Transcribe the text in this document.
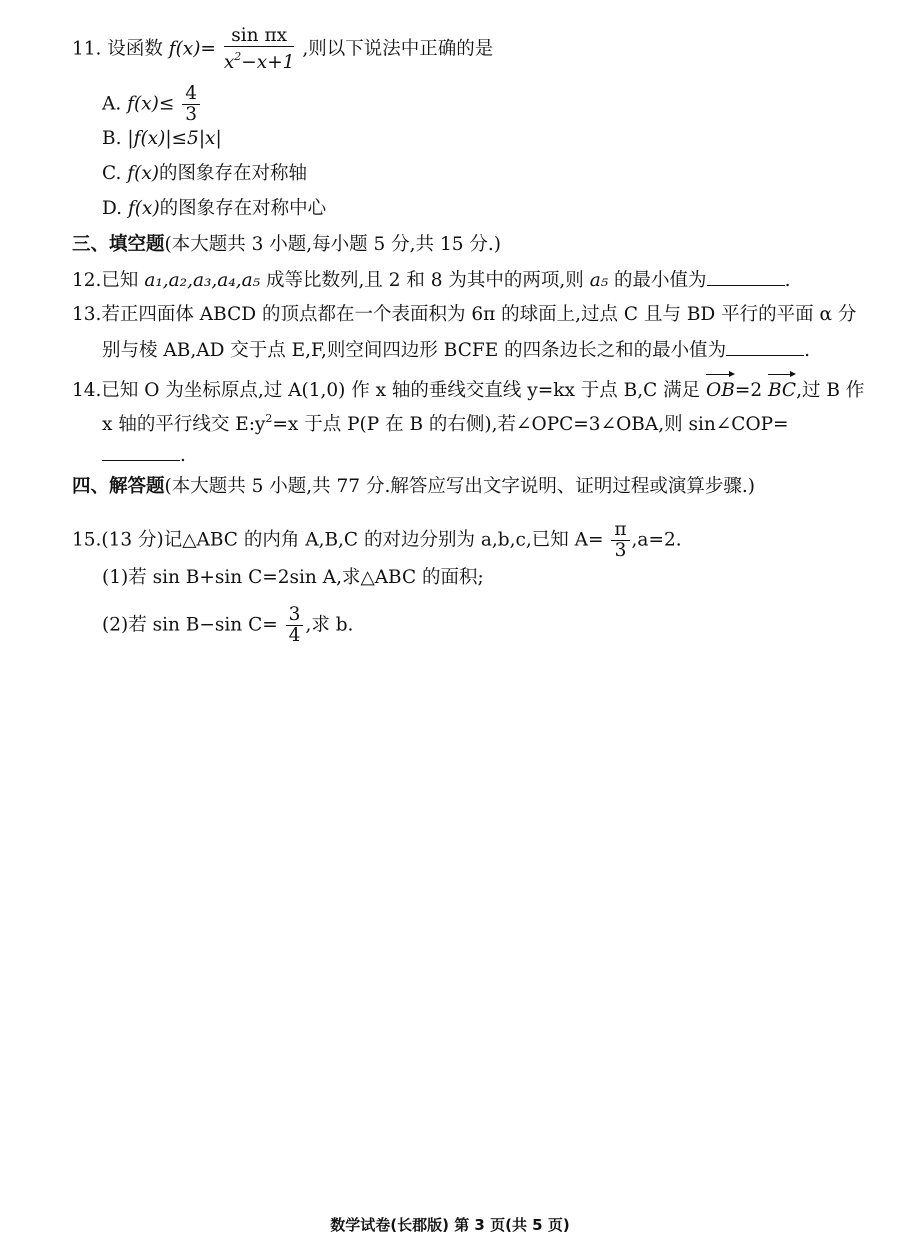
11. 设函数 $f(x)= \frac{\text{sin πx}}{x^2-x+1}$ ,则以下说法中正确的是
A. $f(x)\le \frac{4}{3}$
B. |f(x)|≤5|x|
C. f(x)的图象存在对称轴
D. f(x)的图象存在对称中心
三、填空题(本大题共 3 小题,每小题 5 分,共 15 分.)
12.已知 a₁,a₂,a₃,a₄,a₅ 成等比数列,且 2 和 8 为其中的两项,则 a₅ 的最小值为	.
13.若正四面体 ABCD 的顶点都在一个表面积为 6π 的球面上,过点 C 且与 BD 平行的平面 α 分
别与棱 AB,AD 交于点 E,F,则空间四边形 BCFE 的四条边长之和的最小值为	.
14.已知 O 为坐标原点,过 A(1,0) 作 x 轴的垂线交直线 y=kx 于点 B,C 满足 OB=2 BC,过 B 作
x 轴的平行线交 $E:y^2=x$ 于点 P(P 在 B 的右侧),若∠OPC=3∠OBA,则 sin∠COP=
.
四、解答题(本大题共 5 小题,共 77 分.解答应写出文字说明、证明过程或演算步骤.)
15.(13 分)记△ABC 的内角 A,B,C 的对边分别为 a,b,c,已知 $A= \frac{\pi}{3} ,a=2$.
(1)若 sin B+sin C=2sin A,求△ABC 的面积;
(2)若 sin B−sin $C= \frac{3}{4}$ ,求 b.
数学试卷(长郡版) 第 3 页(共 5 页)
